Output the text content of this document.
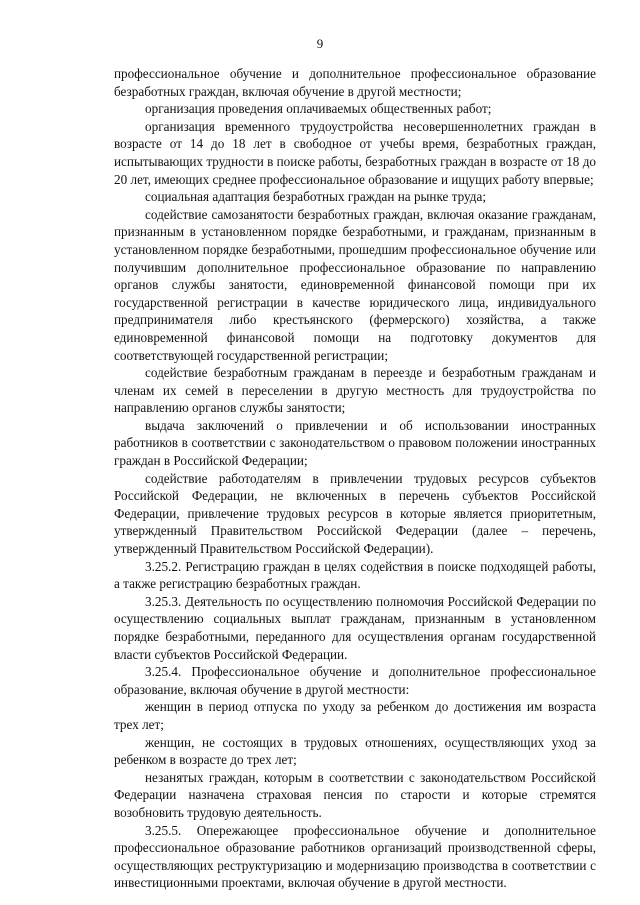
9

профессиональное обучение и дополнительное профессиональное образование безработных граждан, включая обучение в другой местности;

организация проведения оплачиваемых общественных работ;

организация временного трудоустройства несовершеннолетних граждан в возрасте от 14 до 18 лет в свободное от учебы время, безработных граждан, испытывающих трудности в поиске работы, безработных граждан в возрасте от 18 до 20 лет, имеющих среднее профессиональное образование и ищущих работу впервые;

социальная адаптация безработных граждан на рынке труда;

содействие самозанятости безработных граждан, включая оказание гражданам, признанным в установленном порядке безработными, и гражданам, признанным в установленном порядке безработными, прошедшим профессиональное обучение или получившим дополнительное профессиональное образование по направлению органов службы занятости, единовременной финансовой помощи при их государственной регистрации в качестве юридического лица, индивидуального предпринимателя либо крестьянского (фермерского) хозяйства, а также единовременной финансовой помощи на подготовку документов для соответствующей государственной регистрации;

содействие безработным гражданам в переезде и безработным гражданам и членам их семей в переселении в другую местность для трудоустройства по направлению органов службы занятости;

выдача заключений о привлечении и об использовании иностранных работников в соответствии с законодательством о правовом положении иностранных граждан в Российской Федерации;

содействие работодателям в привлечении трудовых ресурсов субъектов Российской Федерации, не включенных в перечень субъектов Российской Федерации, привлечение трудовых ресурсов в которые является приоритетным, утвержденный Правительством Российской Федерации (далее – перечень, утвержденный Правительством Российской Федерации).

3.25.2. Регистрацию граждан в целях содействия в поиске подходящей работы, а также регистрацию безработных граждан.

3.25.3. Деятельность по осуществлению полномочия Российской Федерации по осуществлению социальных выплат гражданам, признанным в установленном порядке безработными, переданного для осуществления органам государственной власти субъектов Российской Федерации.

3.25.4. Профессиональное обучение и дополнительное профессиональное образование, включая обучение в другой местности:

женщин в период отпуска по уходу за ребенком до достижения им возраста трех лет;

женщин, не состоящих в трудовых отношениях, осуществляющих уход за ребенком в возрасте до трех лет;

незанятых граждан, которым в соответствии с законодательством Российской Федерации назначена страховая пенсия по старости и которые стремятся возобновить трудовую деятельность.

3.25.5. Опережающее профессиональное обучение и дополнительное профессиональное образование работников организаций производственной сферы, осуществляющих реструктуризацию и модернизацию производства в соответствии с инвестиционными проектами, включая обучение в другой местности.
